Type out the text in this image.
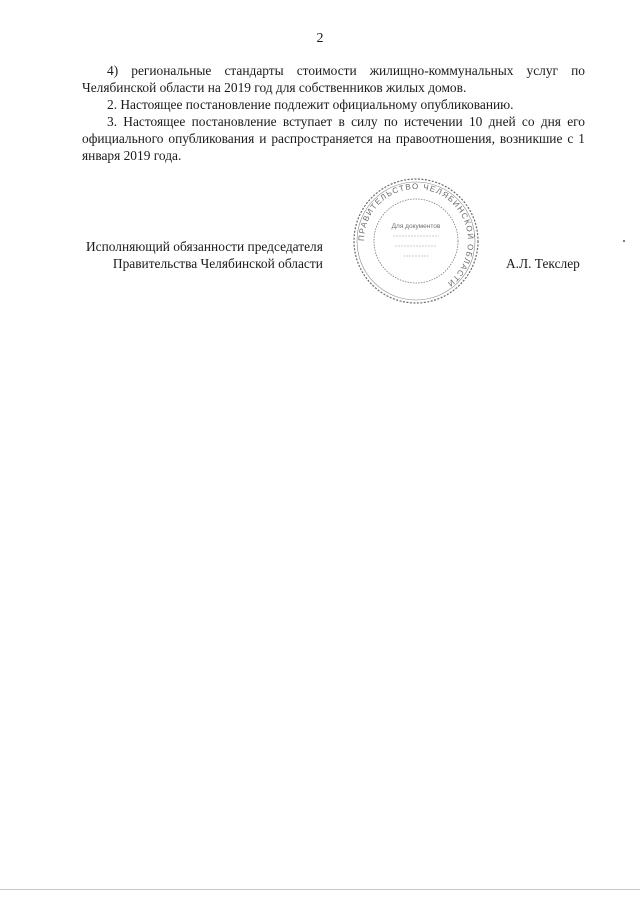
2

4) региональные стандарты стоимости жилищно-коммунальных услуг по Челябинской области на 2019 год для собственников жилых домов.

2. Настоящее постановление подлежит официальному опубликованию.

3. Настоящее постановление вступает в силу по истечении 10 дней со дня его официального опубликования и распространяется на правоотношения, возникшие с 1 января 2019 года.

Исполняющий обязанности председателя
Правительства Челябинской области	А.Л. Текслер
ПРАВИТЕЛЬСТВО ЧЕЛЯБИНСКОЙ ОБЛАСТИ
Для документов
